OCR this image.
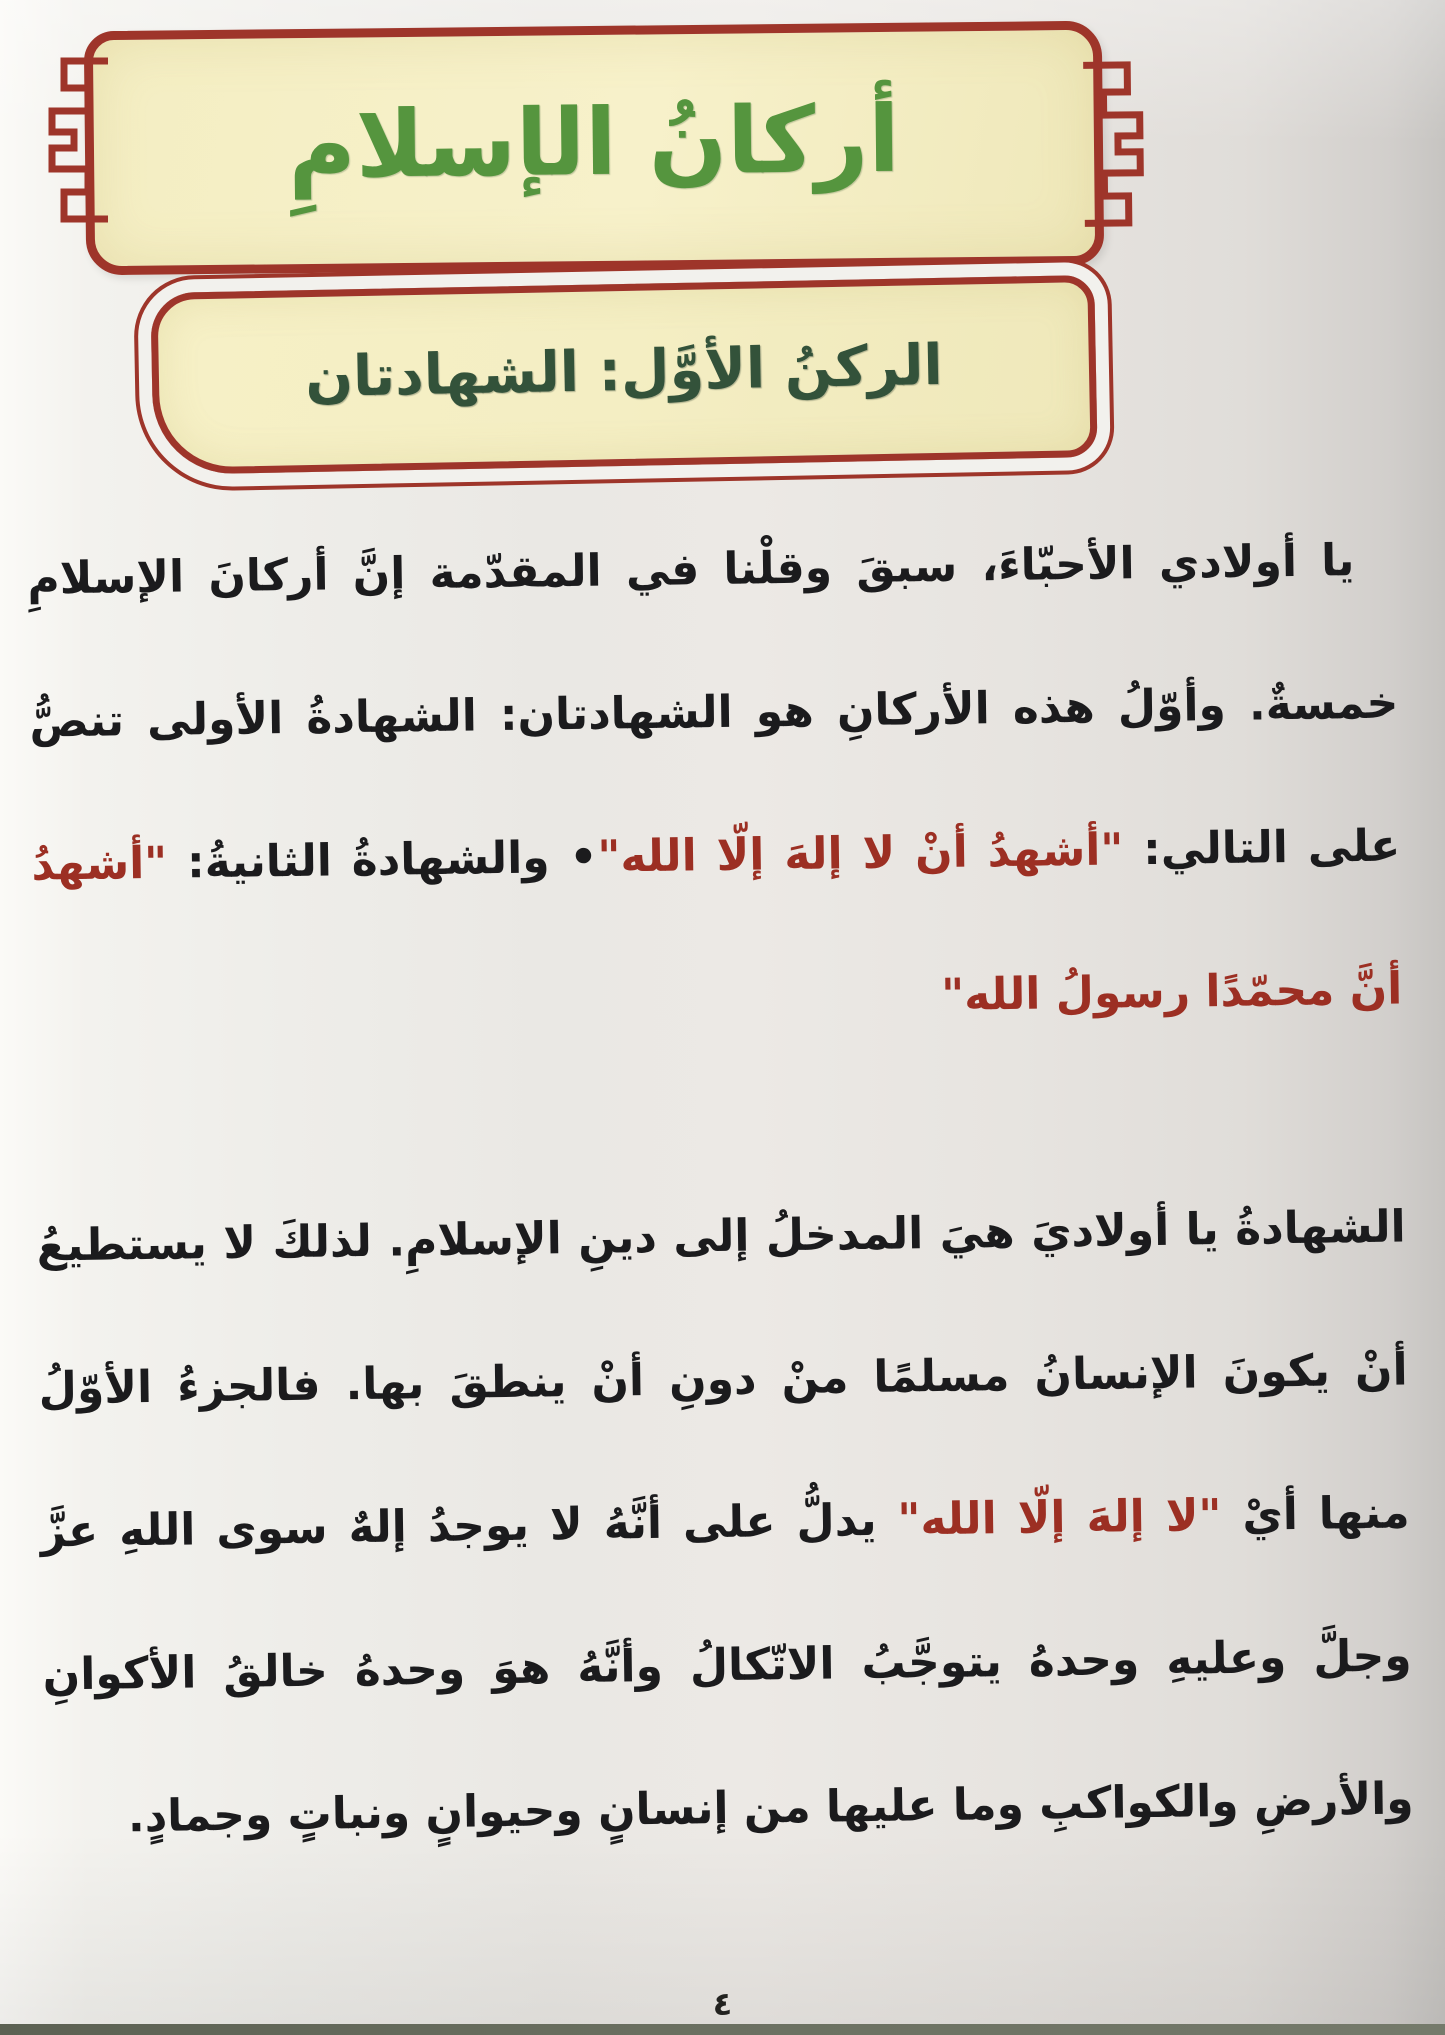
أركانُ الإسلامِ
الركنُ الأوَّل: الشهادتان

يا أولادي الأحبّاءَ، سبقَ وقلْنا في المقدّمة إنَّ أركانَ الإسلامِ خمسةٌ. وأوّلُ هذه الأركانِ هو الشهادتان: الشهادةُ الأولى تنصُّ على التالي: "أشهدُ أنْ لا إلهَ إلّا الله"• والشهادةُ الثانيةُ: "أشهدُ أنَّ محمّدًا رسولُ الله"

الشهادةُ يا أولاديَ هيَ المدخلُ إلى دينِ الإسلامِ. لذلكَ لا يستطيعُ أنْ يكونَ الإنسانُ مسلمًا منْ دونِ أنْ ينطقَ بها. فالجزءُ الأوّلُ منها أيْ "لا إلهَ إلّا الله" يدلُّ على أنَّهُ لا يوجدُ إلهٌ سوى اللهِ عزَّ وجلَّ وعليهِ وحدهُ يتوجَّبُ الاتّكالُ وأنَّهُ هوَ وحدهُ خالقُ الأكوانِ والأرضِ والكواكبِ وما عليها من إنسانٍ وحيوانٍ ونباتٍ وجمادٍ.

٤
